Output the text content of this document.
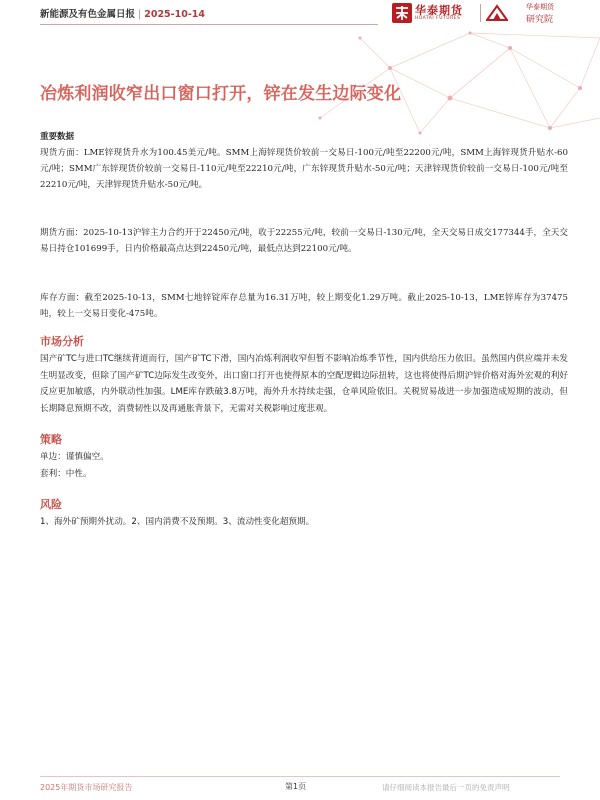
新能源及有色金属日报 | 2025-10-14	华泰期货
HUATAI FUTURES
华泰期货
研究院
冶炼利润收窄出口窗口打开，锌在发生边际变化
重要数据

现货方面：LME锌现货升水为100.45美元/吨。SMM上海锌现货价较前一交易日-100元/吨至22200元/吨，SMM上海锌现货升贴水-60元/吨；SMM广东锌现货价较前一交易日-110元/吨至22210元/吨，广东锌现货升贴水-50元/吨；天津锌现货价较前一交易日-100元/吨至22210元/吨，天津锌现货升贴水-50元/吨。

期货方面：2025-10-13沪锌主力合约开于22450元/吨，收于22255元/吨，较前一交易日-130元/吨，全天交易日成交177344手，全天交易日持仓101699手，日内价格最高点达到22450元/吨，最低点达到22100元/吨。

库存方面：截至2025-10-13，SMM七地锌锭库存总量为16.31万吨，较上期变化1.29万吨。截止2025-10-13，LME锌库存为37475吨，较上一交易日变化-475吨。

市场分析

国产矿TC与进口TC继续背道而行，国产矿TC下滑，国内冶炼利润收窄但暂不影响冶炼季节性，国内供给压力依旧。虽然国内供应端并未发生明显改变，但除了国产矿TC边际发生改变外，出口窗口打开也使得原本的空配逻辑边际扭转，这也将使得后期沪锌价格对海外宏观的利好反应更加敏感，内外联动性加强。LME库存跌破3.8万吨，海外升水持续走强，仓单风险依旧。关税贸易战进一步加强造成短期的波动，但长期降息预期不改，消费韧性以及再通胀背景下，无需对关税影响过度悲观。

策略

单边：谨慎偏空。

套利：中性。

风险

1、海外矿预期外扰动。2、国内消费不及预期。3、流动性变化超预期。

2025年期货市场研究报告	第1页	请仔细阅读本报告最后一页的免责声明
